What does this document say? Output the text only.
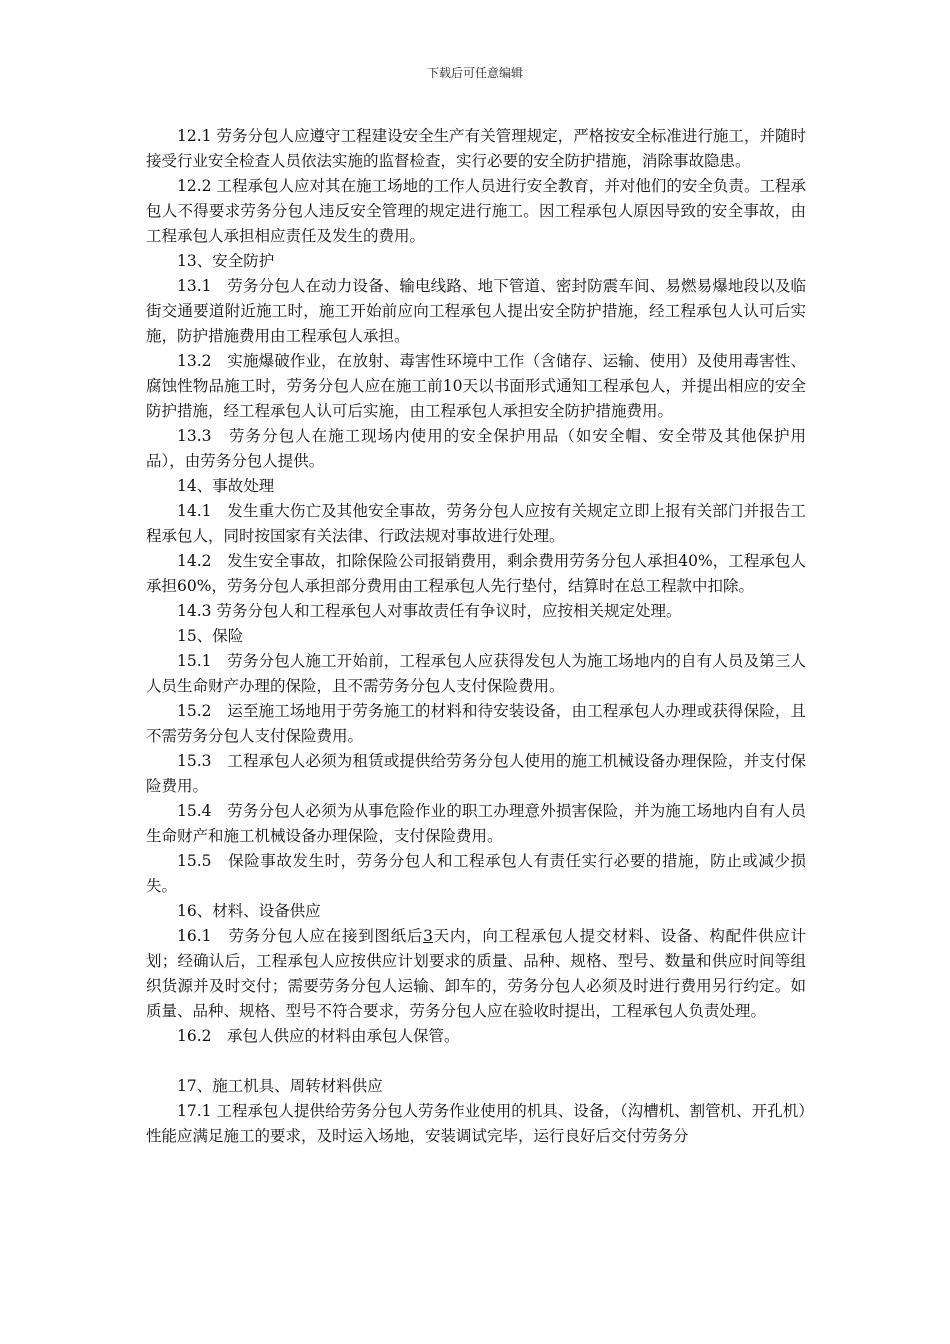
下载后可任意编辑

12.1 劳务分包人应遵守工程建设安全生产有关管理规定，严格按安全标准进行施工，并随时接受行业安全检查人员依法实施的监督检查，实行必要的安全防护措施，消除事故隐患。

12.2 工程承包人应对其在施工场地的工作人员进行安全教育，并对他们的安全负责。工程承包人不得要求劳务分包人违反安全管理的规定进行施工。因工程承包人原因导致的安全事故，由工程承包人承担相应责任及发生的费用。

13、安全防护

13.1　劳务分包人在动力设备、输电线路、地下管道、密封防震车间、易燃易爆地段以及临街交通要道附近施工时，施工开始前应向工程承包人提出安全防护措施，经工程承包人认可后实施，防护措施费用由工程承包人承担。

13.2　实施爆破作业，在放射、毒害性环境中工作（含储存、运输、使用）及使用毒害性、腐蚀性物品施工时，劳务分包人应在施工前10天以书面形式通知工程承包人，并提出相应的安全防护措施，经工程承包人认可后实施，由工程承包人承担安全防护措施费用。

13.3　劳务分包人在施工现场内使用的安全保护用品（如安全帽、安全带及其他保护用品），由劳务分包人提供。

14、事故处理

14.1　发生重大伤亡及其他安全事故，劳务分包人应按有关规定立即上报有关部门并报告工程承包人，同时按国家有关法律、行政法规对事故进行处理。

14.2　发生安全事故，扣除保险公司报销费用，剩余费用劳务分包人承担40%，工程承包人承担60%，劳务分包人承担部分费用由工程承包人先行垫付，结算时在总工程款中扣除。

14.3 劳务分包人和工程承包人对事故责任有争议时，应按相关规定处理。

15、保险

15.1　劳务分包人施工开始前，工程承包人应获得发包人为施工场地内的自有人员及第三人人员生命财产办理的保险，且不需劳务分包人支付保险费用。

15.2　运至施工场地用于劳务施工的材料和待安装设备，由工程承包人办理或获得保险，且不需劳务分包人支付保险费用。

15.3　工程承包人必须为租赁或提供给劳务分包人使用的施工机械设备办理保险，并支付保险费用。

15.4　劳务分包人必须为从事危险作业的职工办理意外损害保险，并为施工场地内自有人员生命财产和施工机械设备办理保险，支付保险费用。

15.5　保险事故发生时，劳务分包人和工程承包人有责任实行必要的措施，防止或减少损失。

16、材料、设备供应

16.1　劳务分包人应在接到图纸后3天内，向工程承包人提交材料、设备、构配件供应计划；经确认后，工程承包人应按供应计划要求的质量、品种、规格、型号、数量和供应时间等组织货源并及时交付；需要劳务分包人运输、卸车的，劳务分包人必须及时进行费用另行约定。如质量、品种、规格、型号不符合要求，劳务分包人应在验收时提出，工程承包人负责处理。

16.2　承包人供应的材料由承包人保管。

17、施工机具、周转材料供应

17.1 工程承包人提供给劳务分包人劳务作业使用的机具、设备，（沟槽机、割管机、开孔机）性能应满足施工的要求，及时运入场地，安装调试完毕，运行良好后交付劳务分
